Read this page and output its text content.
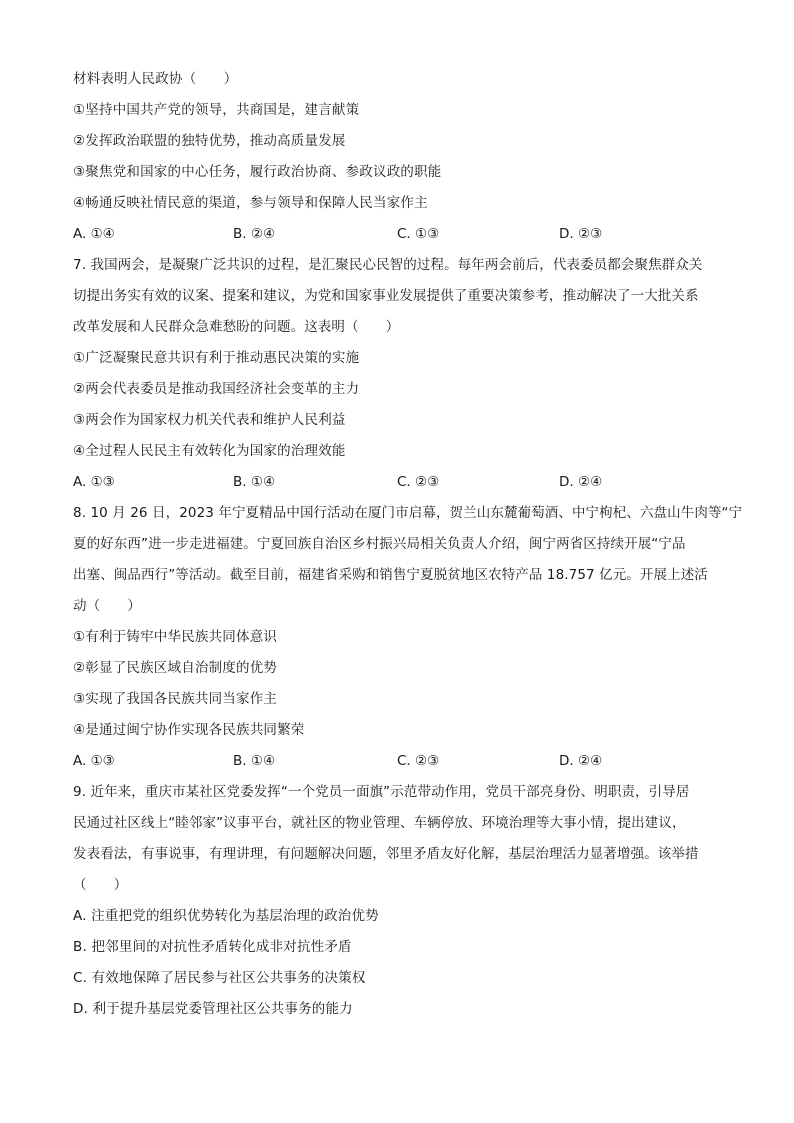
材料表明人民政协（　　）
①坚持中国共产党的领导，共商国是，建言献策
②发挥政治联盟的独特优势，推动高质量发展
③聚焦党和国家的中心任务，履行政治协商、参政议政的职能
④畅通反映社情民意的渠道，参与领导和保障人民当家作主
A. ①④	B. ②④	C. ①③	D. ②③
7. 我国两会，是凝聚广泛共识的过程，是汇聚民心民智的过程。每年两会前后，代表委员都会聚焦群众关
切提出务实有效的议案、提案和建议，为党和国家事业发展提供了重要决策参考，推动解决了一大批关系
改革发展和人民群众急难愁盼的问题。这表明（　　）
①广泛凝聚民意共识有利于推动惠民决策的实施
②两会代表委员是推动我国经济社会变革的主力
③两会作为国家权力机关代表和维护人民利益
④全过程人民民主有效转化为国家的治理效能
A. ①③	B. ①④	C. ②③	D. ②④
8. 10 月 26 日，2023 年宁夏精品中国行活动在厦门市启幕，贺兰山东麓葡萄酒、中宁枸杞、六盘山牛肉等“宁
夏的好东西”进一步走进福建。宁夏回族自治区乡村振兴局相关负责人介绍，闽宁两省区持续开展“宁品
出塞、闽品西行”等活动。截至目前，福建省采购和销售宁夏脱贫地区农特产品 18.757 亿元。开展上述活
动（　　）
①有利于铸牢中华民族共同体意识
②彰显了民族区域自治制度的优势
③实现了我国各民族共同当家作主
④是通过闽宁协作实现各民族共同繁荣
A. ①③	B. ①④	C. ②③	D. ②④
9. 近年来，重庆市某社区党委发挥“一个党员一面旗”示范带动作用，党员干部亮身份、明职责，引导居
民通过社区线上“睦邻家”议事平台，就社区的物业管理、车辆停放、环境治理等大事小情，提出建议，
发表看法，有事说事，有理讲理，有问题解决问题，邻里矛盾友好化解，基层治理活力显著增强。该举措
（　　）
A. 注重把党的组织优势转化为基层治理的政治优势
B. 把邻里间的对抗性矛盾转化成非对抗性矛盾
C. 有效地保障了居民参与社区公共事务的决策权
D. 利于提升基层党委管理社区公共事务的能力
